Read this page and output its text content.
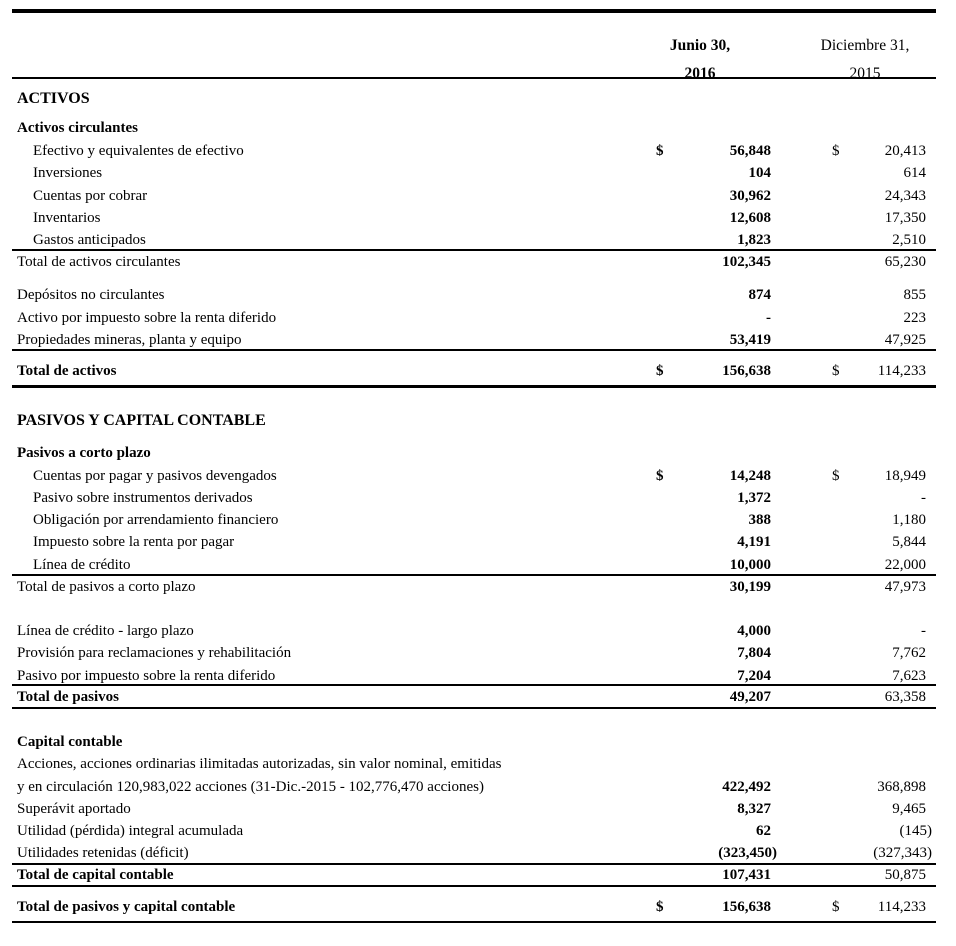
Junio 30,
2016
Diciembre 31,
2015
ACTIVOS
Activos circulantes
Efectivo y equivalentes de efectivo	$	56,848	$	20,413
Inversiones	104	614
Cuentas por cobrar	30,962	24,343
Inventarios	12,608	17,350
Gastos anticipados	1,823	2,510
Total de activos circulantes	102,345	65,230
Depósitos no circulantes	874	855
Activo por impuesto sobre la renta diferido	-	223
Propiedades mineras, planta y equipo	53,419	47,925
Total de activos	$	156,638	$	114,233
PASIVOS Y CAPITAL CONTABLE
Pasivos a corto plazo
Cuentas por pagar y pasivos devengados	$	14,248	$	18,949
Pasivo sobre instrumentos derivados	1,372	-
Obligación por arrendamiento financiero	388	1,180
Impuesto sobre la renta por pagar	4,191	5,844
Línea de crédito	10,000	22,000
Total de pasivos a corto plazo	30,199	47,973
Línea de crédito - largo plazo	4,000	-
Provisión para reclamaciones y rehabilitación	7,804	7,762
Pasivo por impuesto sobre la renta diferido	7,204	7,623
Total de pasivos	49,207	63,358
Capital contable
Acciones, acciones ordinarias ilimitadas autorizadas, sin valor nominal, emitidas
y en circulación 120,983,022 acciones (31-Dic.-2015 - 102,776,470 acciones)	422,492	368,898
Superávit aportado	8,327	9,465
Utilidad (pérdida) integral acumulada	62	(145)
Utilidades retenidas (déficit)	(323,450)	(327,343)
Total de capital contable	107,431	50,875
Total de pasivos y capital contable	$	156,638	$	114,233
